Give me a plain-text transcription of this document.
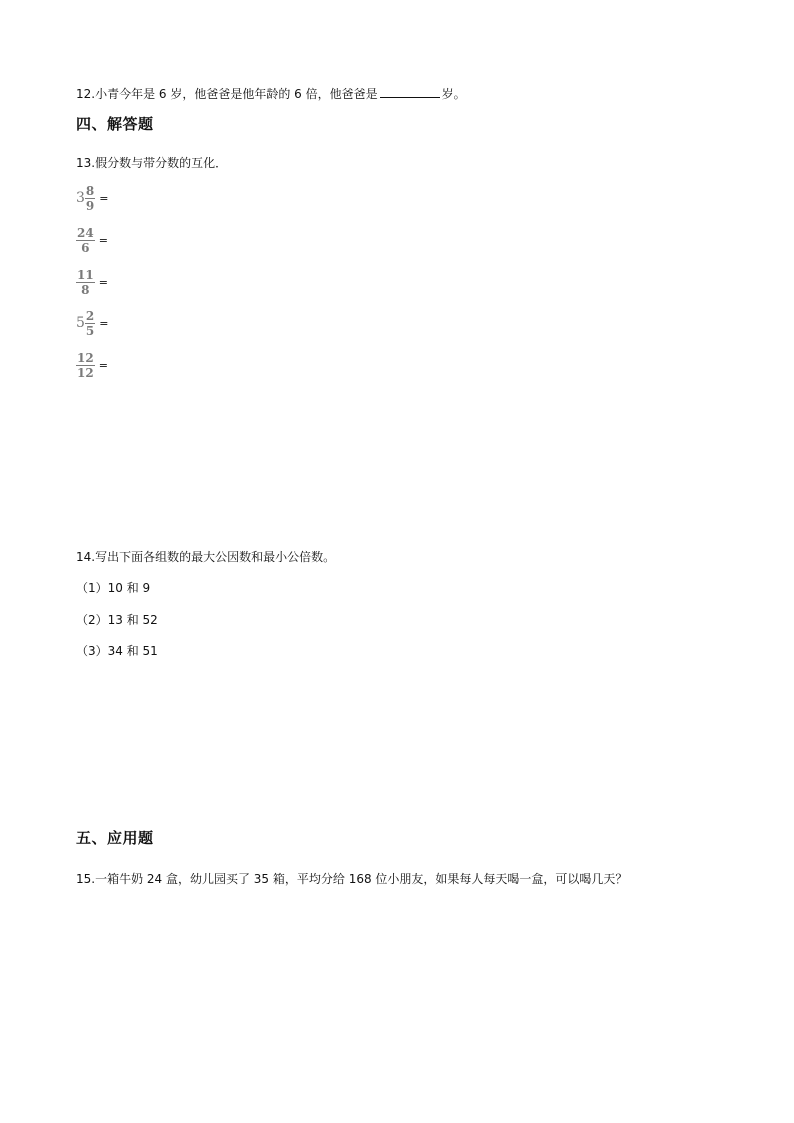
12.小青今年是 6 岁，他爸爸是他年龄的 6 倍，他爸爸是	岁。
四、解答题
13.假分数与带分数的互化．
$3 \frac{8}{9}$ =
$\frac{24}{6}$ =
$\frac{11}{8}$ =
$5 \frac{2}{5}$ =
$\frac{12}{12}$ =
14.写出下面各组数的最大公因数和最小公倍数。
（1）10 和 9
（2）13 和 52
（3）34 和 51
五、应用题
15.一箱牛奶 24 盒，幼儿园买了 35 箱，平均分给 168 位小朋友，如果每人每天喝一盒，可以喝几天？
